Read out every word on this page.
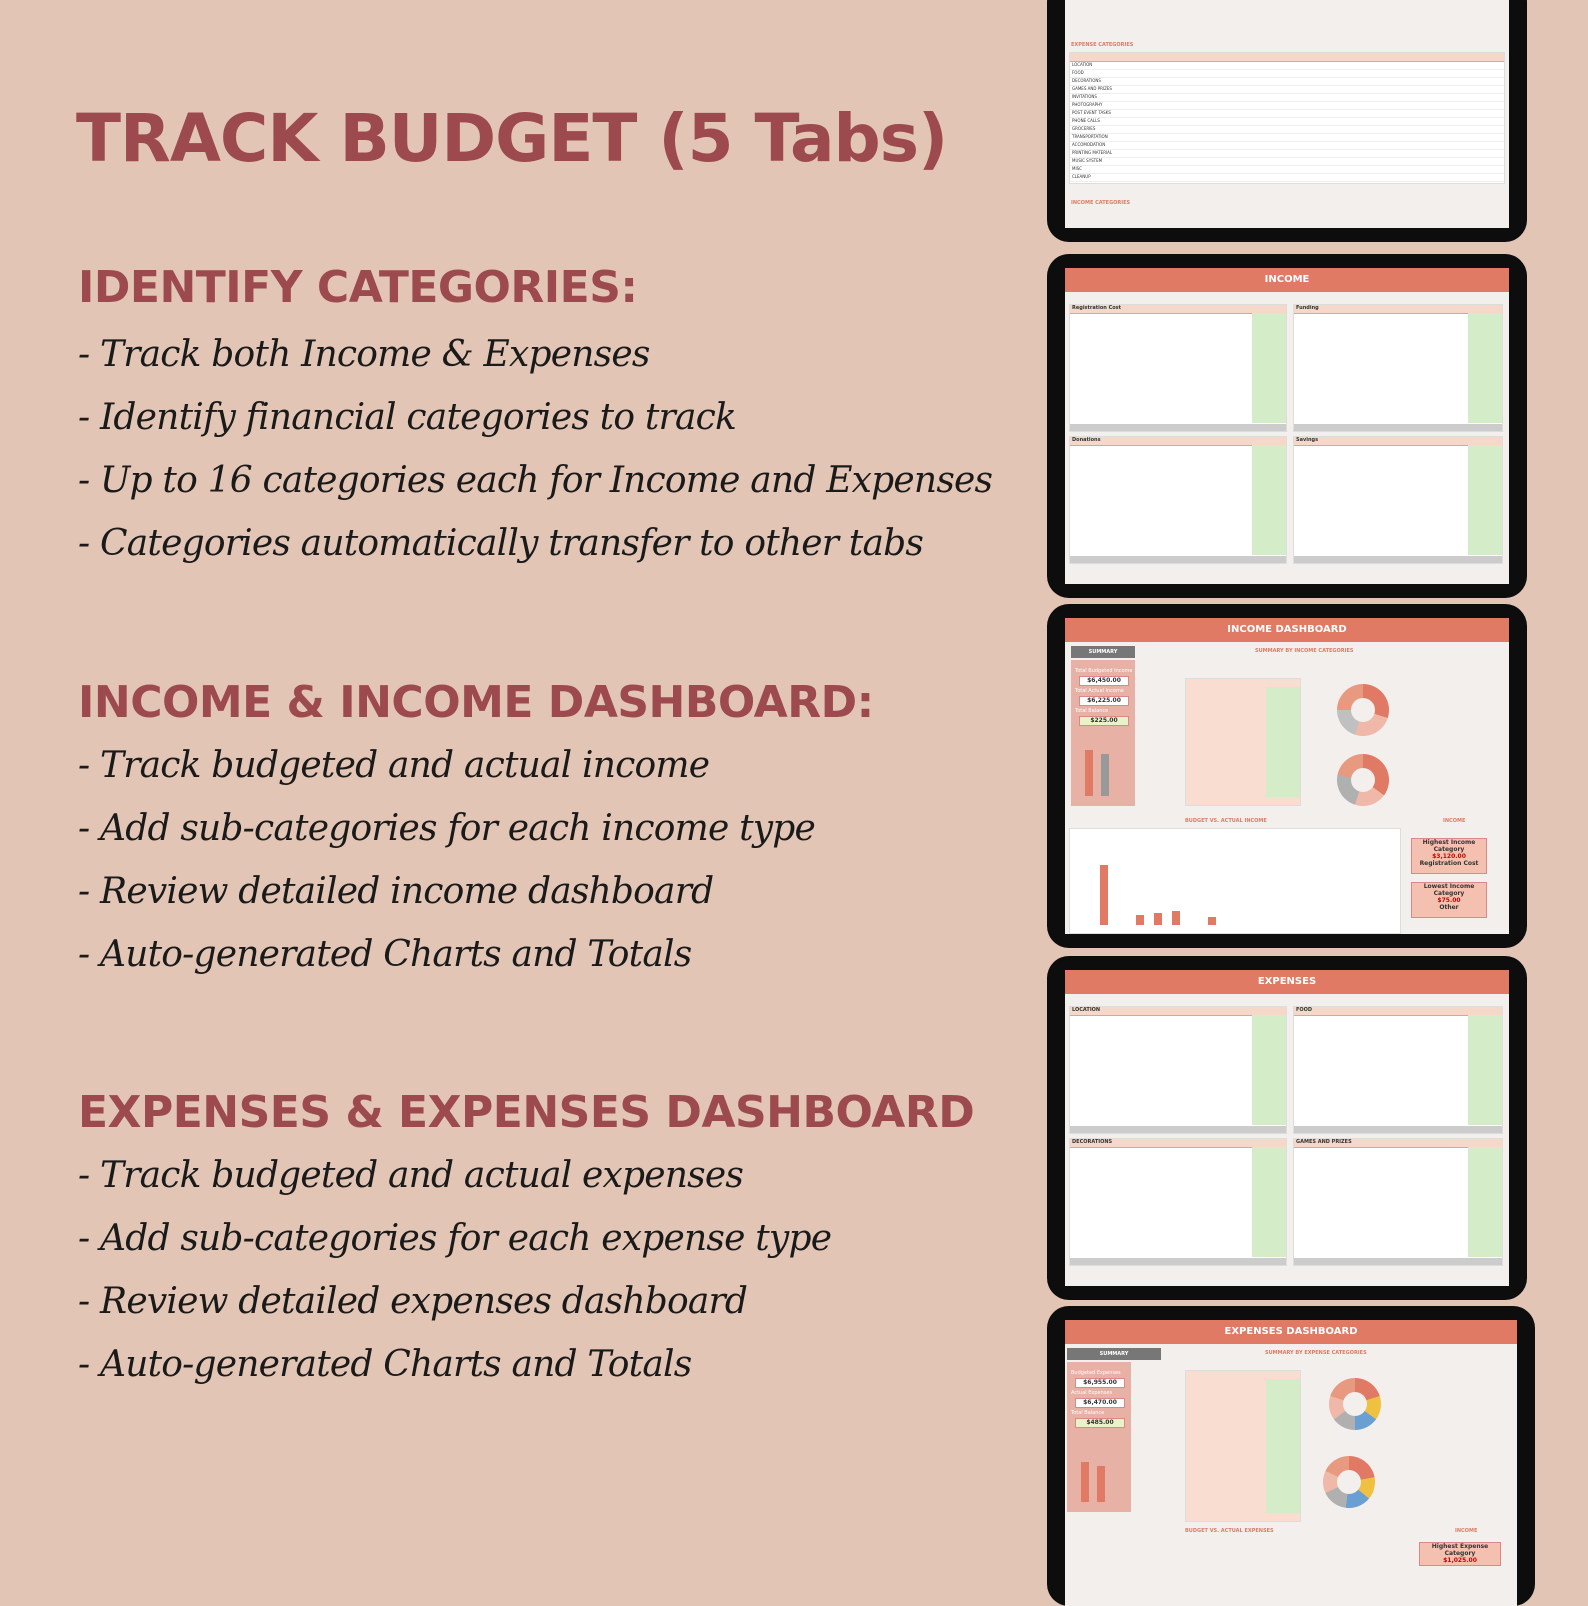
TRACK BUDGET (5 Tabs)
IDENTIFY CATEGORIES:
- Track both Income & Expenses
- Identify financial categories to track
- Up to 16 categories each for Income and Expenses
- Categories automatically transfer to other tabs
INCOME & INCOME DASHBOARD:
- Track budgeted and actual income
- Add sub-categories for each income type
- Review detailed income dashboard
- Auto-generated Charts and Totals
EXPENSES & EXPENSES DASHBOARD
- Track budgeted and actual expenses
- Add sub-categories for each expense type
- Review detailed expenses dashboard
- Auto-generated Charts and Totals
EXPENSE CATEGORIES
LOCATION
FOOD
DECORATIONS
GAMES AND PRIZES
INVITATIONS
PHOTOGRAPHY
POST EVENT TASKS
PHONE CALLS
GROCERIES
TRANSPORTATION
ACCOMODATION
PRINTING MATERIAL
MUSIC SYSTEM
MISC
CLEANUP
INCOME CATEGORIES
INCOME
Registration Cost	Funding
Donations	Savings
INCOME DASHBOARD
SUMMARY	SUMMARY BY INCOME CATEGORIES
Total Budgeted Income
$6,450.00
Total Actual Income
$6,225.00
Total Balance
$225.00
BUDGET VS. ACTUAL INCOME	INCOME
Highest Income Category
$3,120.00
Registration Cost
Lowest Income Category
$75.00
Other
EXPENSES
LOCATION	FOOD
DECORATIONS	GAMES AND PRIZES
EXPENSES DASHBOARD
SUMMARY	SUMMARY BY EXPENSE CATEGORIES
Budgeted Expenses
$6,955.00
Actual Expenses
$6,470.00
Total Balance
$485.00
BUDGET VS. ACTUAL EXPENSES	INCOME
Highest Expense Category
$1,025.00
